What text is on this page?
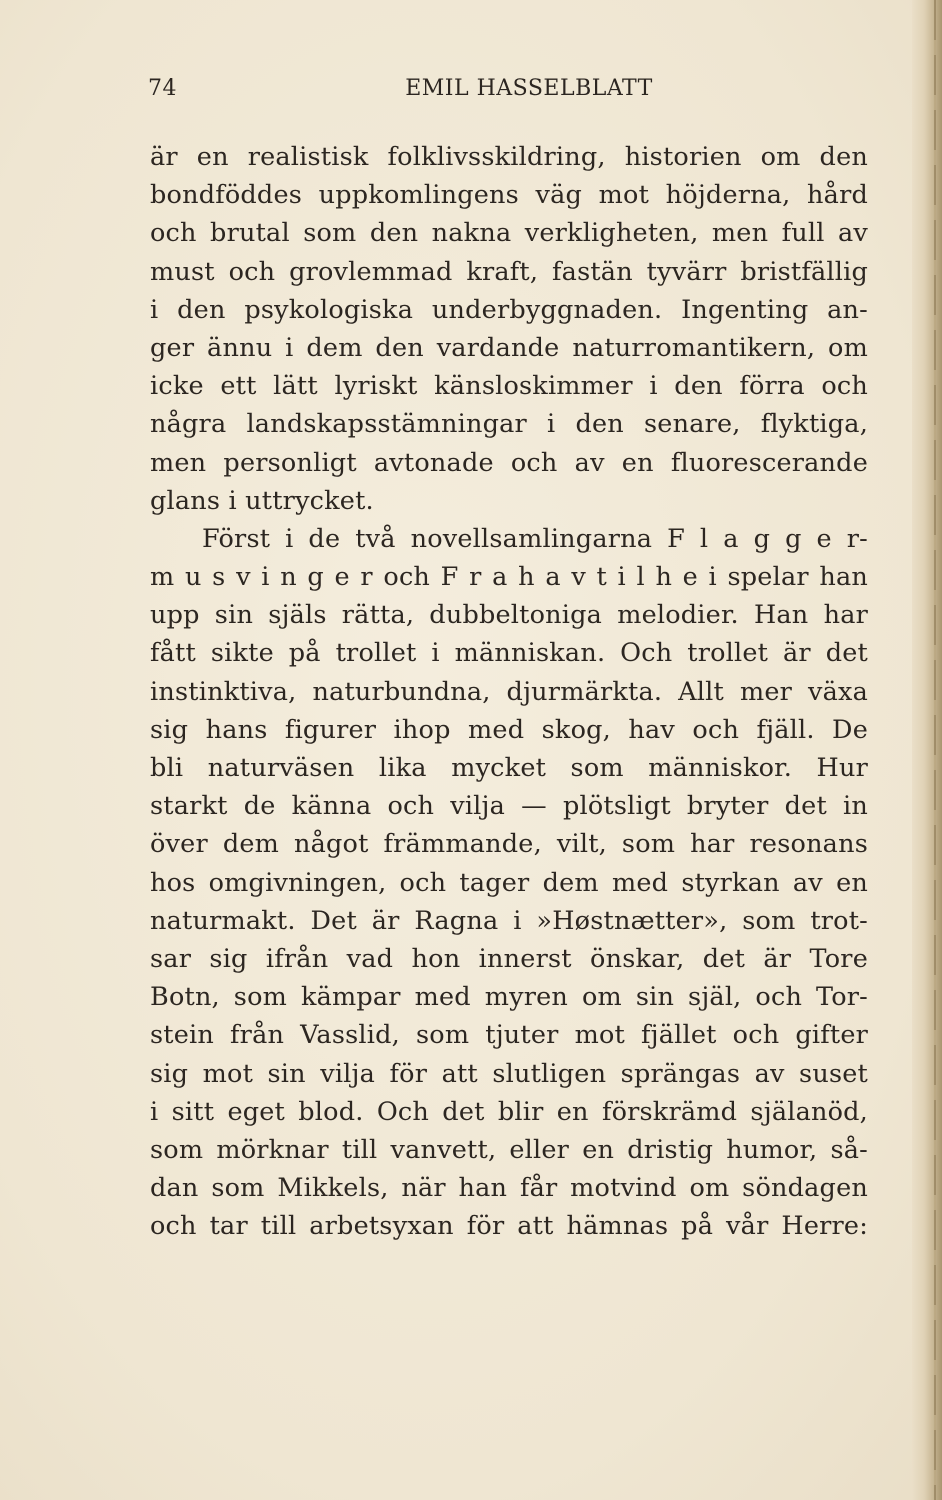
74	EMIL HASSELBLATT
är en realistisk folklivsskildring, historien om den
bondföddes uppkomlingens väg mot höjderna, hård
och brutal som den nakna verkligheten, men full av
must och grovlemmad kraft, fastän tyvärr bristfällig
i den psykologiska underbyggnaden. Ingenting an-
ger ännu i dem den vardande naturromantikern, om
icke ett lätt lyriskt känsloskimmer i den förra och
några landskapsstämningar i den senare, flyktiga,
men personligt avtonade och av en fluorescerande
glans i uttrycket.
Först i de två novellsamlingarna F l a g g e r-
m u s v i n g e r och F r a h a v t i l h e i spelar han
upp sin själs rätta, dubbeltoniga melodier. Han har
fått sikte på trollet i människan. Och trollet är det
instinktiva, naturbundna, djurmärkta. Allt mer växa
sig hans figurer ihop med skog, hav och fjäll. De
bli naturväsen lika mycket som människor. Hur
starkt de känna och vilja — plötsligt bryter det in
över dem något främmande, vilt, som har resonans
hos omgivningen, och tager dem med styrkan av en
naturmakt. Det är Ragna i »Høstnætter», som trot-
sar sig ifrån vad hon innerst önskar, det är Tore
Botn, som kämpar med myren om sin själ, och Tor-
stein från Vasslid, som tjuter mot fjället och gifter
sig mot sin vilja för att slutligen sprängas av suset
i sitt eget blod. Och det blir en förskrämd själanöd,
som mörknar till vanvett, eller en dristig humor, så-
dan som Mikkels, när han får motvind om söndagen
och tar till arbetsyxan för att hämnas på vår Herre:
